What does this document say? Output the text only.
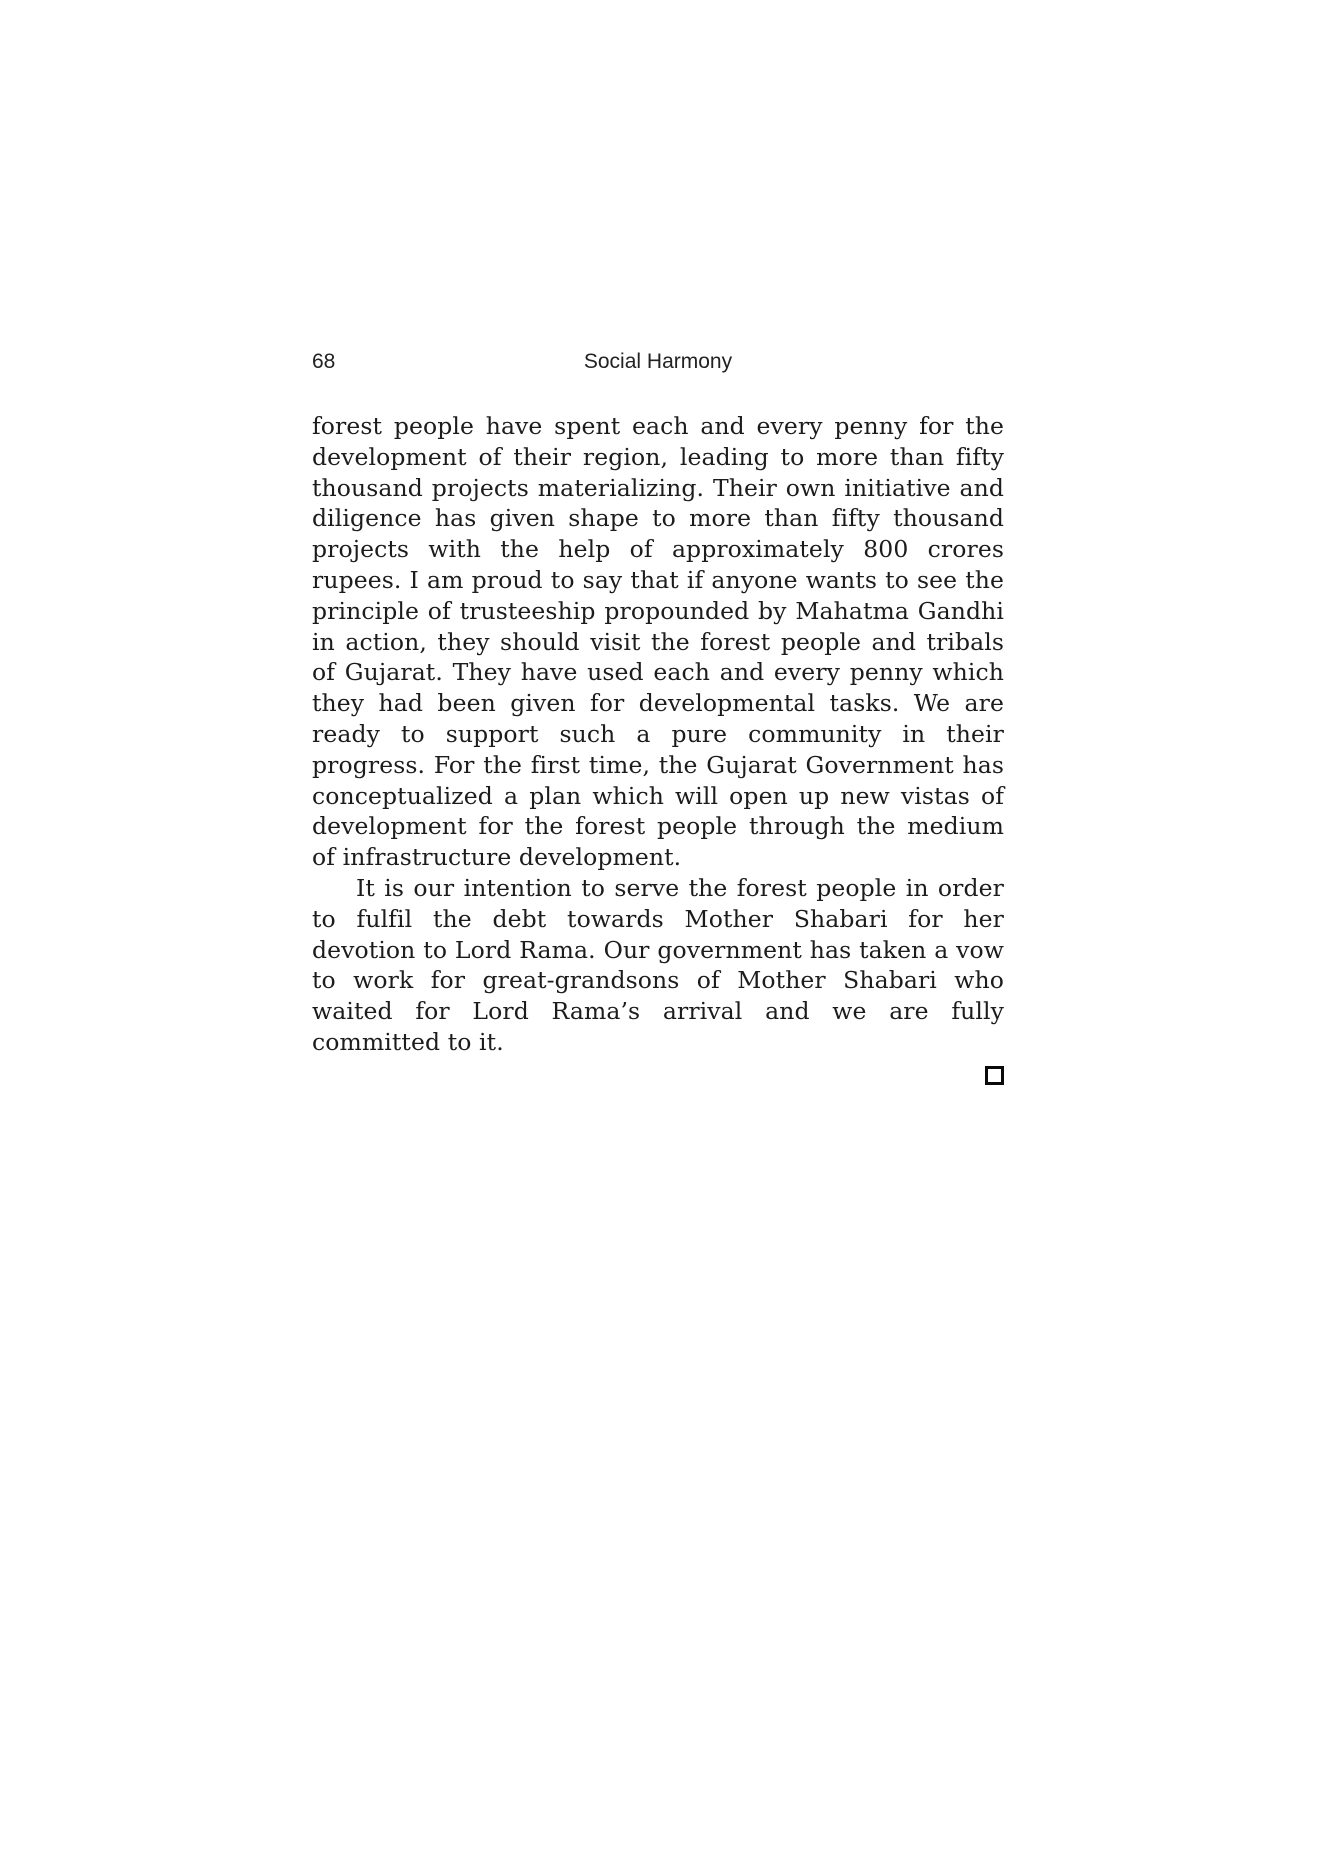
68	Social Harmony

forest people have spent each and every penny for the development of their region, leading to more than fifty thousand projects materializing. Their own initiative and diligence has given shape to more than fifty thousand projects with the help of approximately 800 crores rupees. I am proud to say that if anyone wants to see the principle of trusteeship propounded by Mahatma Gandhi in action, they should visit the forest people and tribals of Gujarat. They have used each and every penny which they had been given for developmental tasks. We are ready to support such a pure community in their progress. For the first time, the Gujarat Government has conceptualized a plan which will open up new vistas of development for the forest people through the medium of infrastructure development.

It is our intention to serve the forest people in order to fulfil the debt towards Mother Shabari for her devotion to Lord Rama. Our government has taken a vow to work for great-grandsons of Mother Shabari who waited for Lord Rama’s arrival and we are fully committed to it.
